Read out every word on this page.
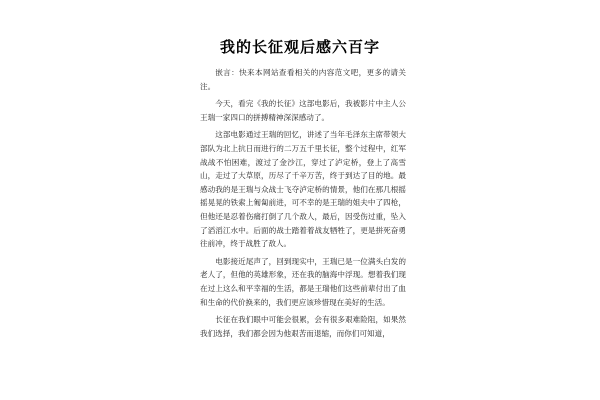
我的长征观后感六百字

嵌言：快来本网站查看相关的内容范文吧，更多的请关注。

今天，看完《我的长征》这部电影后，我被影片中主人公王瑞一家四口的拼搏精神深深感动了。

这部电影通过王瑞的回忆，讲述了当年毛泽东主席带领大部队为北上抗日而进行的二万五千里长征，整个过程中，红军战战不怕困难，渡过了金沙江，穿过了泸定桥，登上了高雪山，走过了大草原，历尽了千辛万苦，终于到达了目的地。最感动我的是王瑞与众战士飞夺泸定桥的情景，他们在那几根摇摇晃晃的铁索上匍匐前进，可不幸的是王瑞的姐夫中了四枪，但他还是忍着伤痛打倒了几个敌人，最后，因受伤过重，坠入了滔滔江水中。后面的战士踏着着战友牺牲了，更是拼死奋勇往前冲，终于战胜了敌人。

电影接近尾声了，回到现实中，王瑞已是一位满头白发的老人了，但他的英雄形象，还在我的脑海中浮现。想着我们现在过上这么和平幸福的生活，都是王瑞他们这些前辈付出了血和生命的代价换来的，我们更应该珍惜现在美好的生活。

长征在我们眼中可能会很累，会有很多艰难险阻，如果然我们选择，我们都会因为他艰苦而退缩，而你们可知道，
